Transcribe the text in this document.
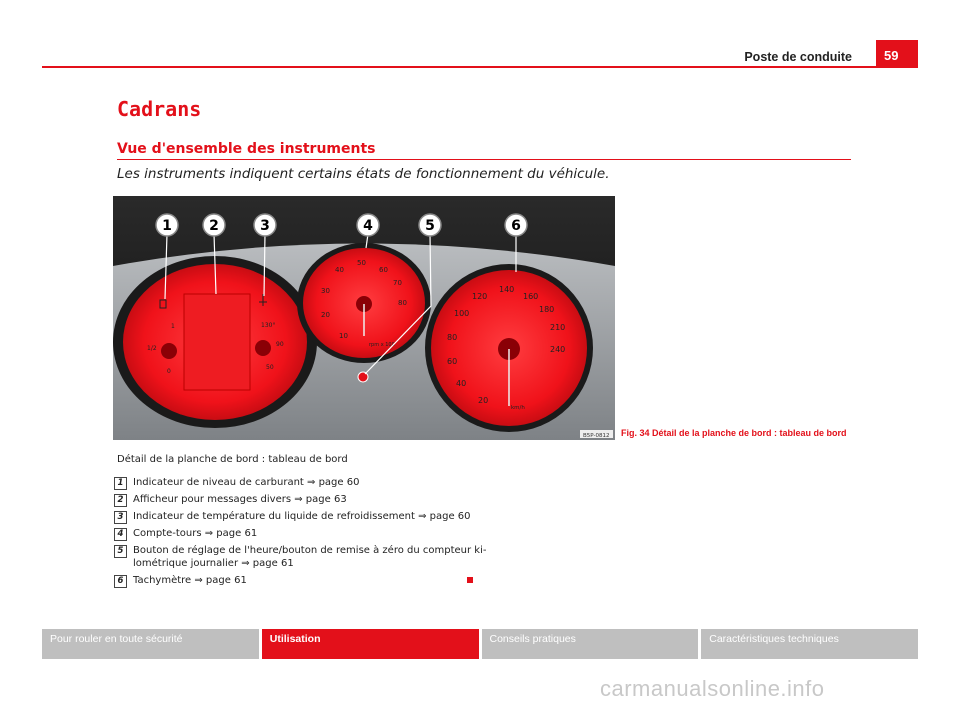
Poste de conduite	59
Cadrans
Vue d'ensemble des instruments
Les instruments indiquent certains états de fonctionnement du véhicule.
1/2
0
1	130°
90
50
10
20
30
40
50
60
70
80
rpm x 100
20
40
60
80
100
120
140
160
180
210
240
km/h
1	2	3	4	5	6
B5P-0812 Fig. 34 Détail de la planche de bord : tableau de bord
Détail de la planche de bord : tableau de bord
1 Indicateur de niveau de carburant ⇒ page 60
2 Afficheur pour messages divers ⇒ page 63
3 Indicateur de température du liquide de refroidissement ⇒ page 60
4 Compte-tours ⇒ page 61
5 Bouton de réglage de l'heure/bouton de remise à zéro du compteur ki-lométrique journalier ⇒ page 61
6 Tachymètre ⇒ page 61
Pour rouler en toute sécurité	Utilisation	Conseils pratiques	Caractéristiques techniques
carmanualsonline.info
